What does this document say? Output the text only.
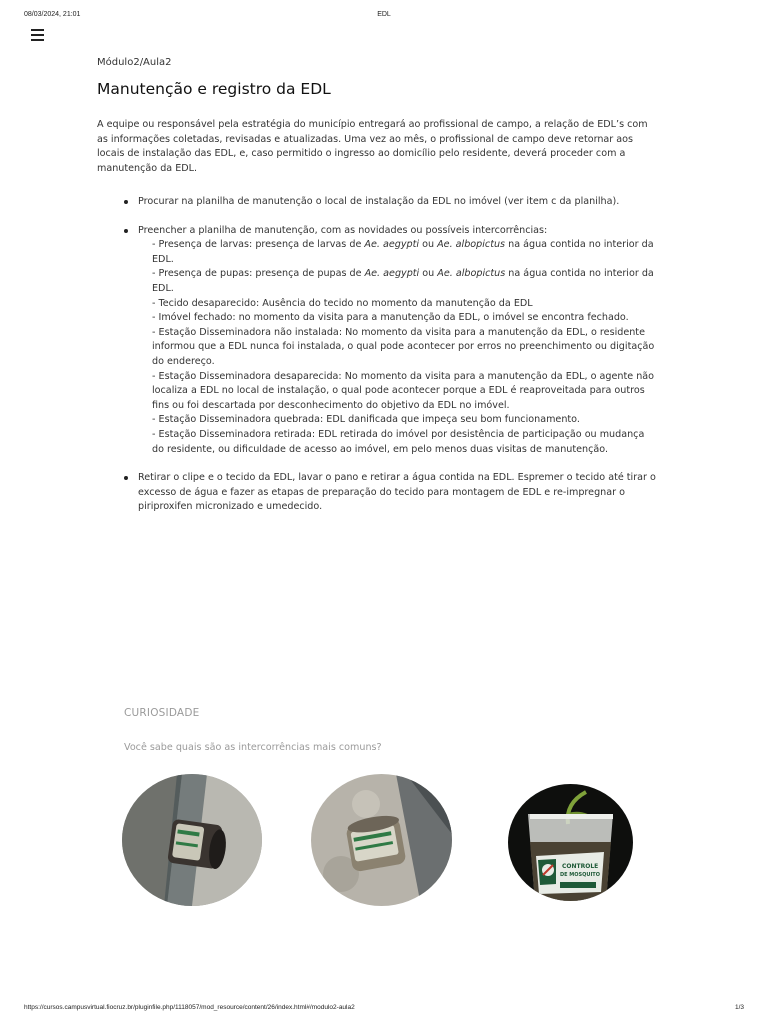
08/03/2024, 21:01	EDL
Módulo2/Aula2
Manutenção e registro da EDL

A equipe ou responsável pela estratégia do município entregará ao profissional de campo, a relação de EDL’s com as informações coletadas, revisadas e atualizadas. Uma vez ao mês, o profissional de campo deve retornar aos locais de instalação das EDL, e, caso permitido o ingresso ao domicílio pelo residente, deverá proceder com a manutenção da EDL.

Procurar na planilha de manutenção o local de instalação da EDL no imóvel (ver item c da planilha).
Preencher a planilha de manutenção, com as novidades ou possíveis intercorrências:
- Presença de larvas: presença de larvas de Ae. aegypti ou Ae. albopictus na água contida no interior da EDL.
- Presença de pupas: presença de pupas de Ae. aegypti ou Ae. albopictus na água contida no interior da EDL.
- Tecido desaparecido: Ausência do tecido no momento da manutenção da EDL
- Imóvel fechado: no momento da visita para a manutenção da EDL, o imóvel se encontra fechado.
- Estação Disseminadora não instalada: No momento da visita para a manutenção da EDL, o residente informou que a EDL nunca foi instalada, o qual pode acontecer por erros no preenchimento ou digitação do endereço.
- Estação Disseminadora desaparecida: No momento da visita para a manutenção da EDL, o agente não localiza a EDL no local de instalação, o qual pode acontecer porque a EDL é reaproveitada para outros fins ou foi descartada por desconhecimento do objetivo da EDL no imóvel.
- Estação Disseminadora quebrada: EDL danificada que impeça seu bom funcionamento.
- Estação Disseminadora retirada: EDL retirada do imóvel por desistência de participação ou mudança do residente, ou dificuldade de acesso ao imóvel, em pelo menos duas visitas de manutenção.
Retirar o clipe e o tecido da EDL, lavar o pano e retirar a água contida na EDL. Espremer o tecido até tirar o excesso de água e fazer as etapas de preparação do tecido para montagem de EDL e re-impregnar o piriproxifen micronizado e umedecido.
CURIOSIDADE
Você sabe quais são as intercorrências mais comuns?
CONTROLE
DE MOSQUITO
https://cursos.campusvirtual.fiocruz.br/pluginfile.php/1118057/mod_resource/content/26/index.html#/modulo2-aula2	1/3
